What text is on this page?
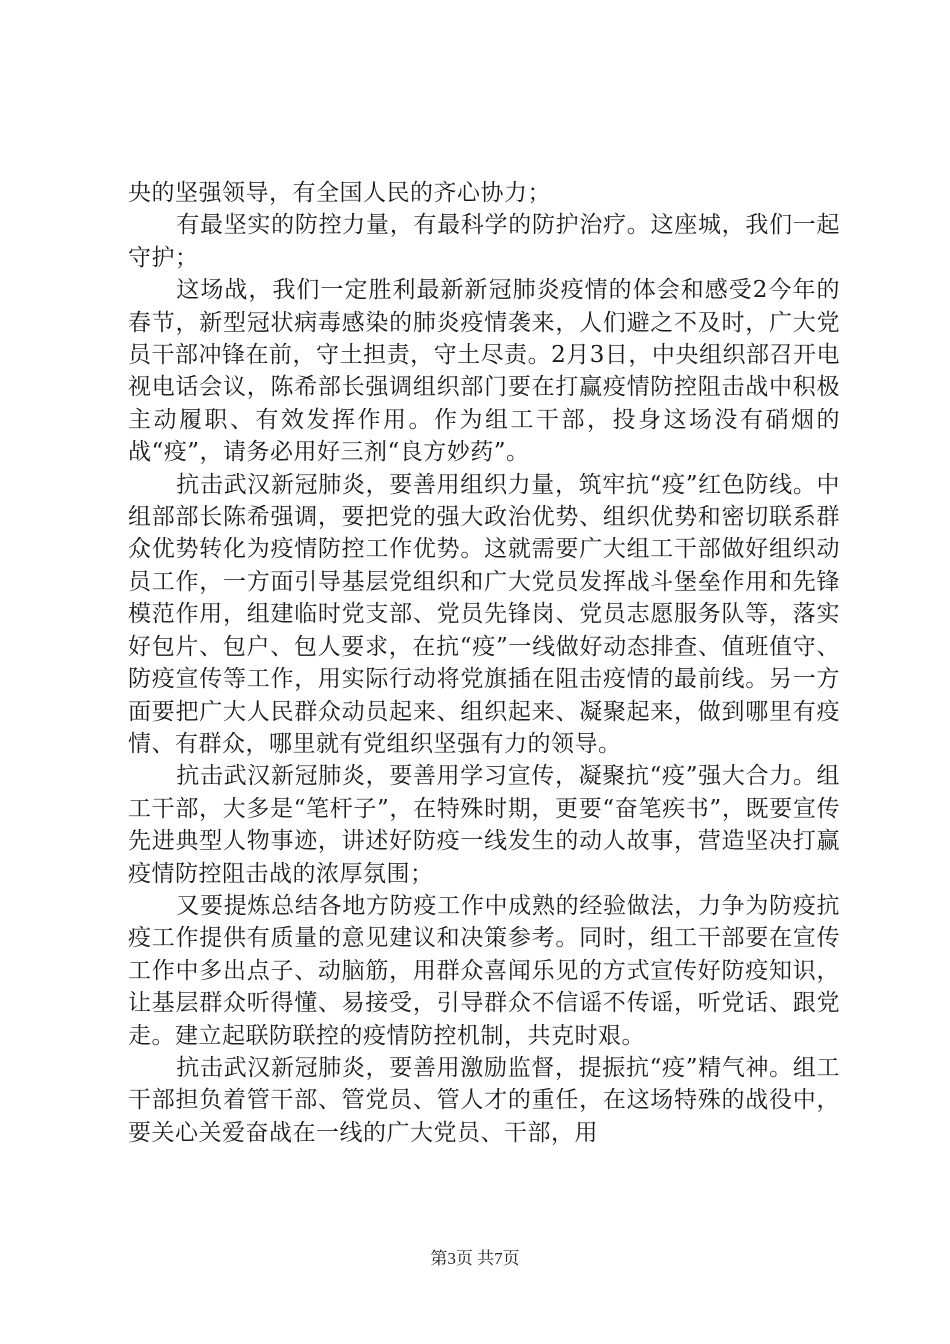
央的坚强领导，有全国人民的齐心协力；

有最坚实的防控力量，有最科学的防护治疗。这座城，我们一起守护；

这场战，我们一定胜利最新新冠肺炎疫情的体会和感受2今年的春节，新型冠状病毒感染的肺炎疫情袭来，人们避之不及时，广大党员干部冲锋在前，守土担责，守土尽责。2月3日，中央组织部召开电视电话会议，陈希部长强调组织部门要在打赢疫情防控阻击战中积极主动履职、有效发挥作用。作为组工干部，投身这场没有硝烟的战“疫”，请务必用好三剂“良方妙药”。

抗击武汉新冠肺炎，要善用组织力量，筑牢抗“疫”红色防线。中组部部长陈希强调，要把党的强大政治优势、组织优势和密切联系群众优势转化为疫情防控工作优势。这就需要广大组工干部做好组织动员工作，一方面引导基层党组织和广大党员发挥战斗堡垒作用和先锋模范作用，组建临时党支部、党员先锋岗、党员志愿服务队等，落实好包片、包户、包人要求，在抗“疫”一线做好动态排查、值班值守、防疫宣传等工作，用实际行动将党旗插在阻击疫情的最前线。另一方面要把广大人民群众动员起来、组织起来、凝聚起来，做到哪里有疫情、有群众，哪里就有党组织坚强有力的领导。

抗击武汉新冠肺炎，要善用学习宣传，凝聚抗“疫”强大合力。组工干部，大多是“笔杆子”，在特殊时期，更要“奋笔疾书”，既要宣传先进典型人物事迹，讲述好防疫一线发生的动人故事，营造坚决打赢疫情防控阻击战的浓厚氛围；

又要提炼总结各地方防疫工作中成熟的经验做法，力争为防疫抗疫工作提供有质量的意见建议和决策参考。同时，组工干部要在宣传工作中多出点子、动脑筋，用群众喜闻乐见的方式宣传好防疫知识，让基层群众听得懂、易接受，引导群众不信谣不传谣，听党话、跟党走。建立起联防联控的疫情防控机制，共克时艰。

抗击武汉新冠肺炎，要善用激励监督，提振抗“疫”精气神。组工干部担负着管干部、管党员、管人才的重任，在这场特殊的战役中，要关心关爱奋战在一线的广大党员、干部，用

第3页 共7页
